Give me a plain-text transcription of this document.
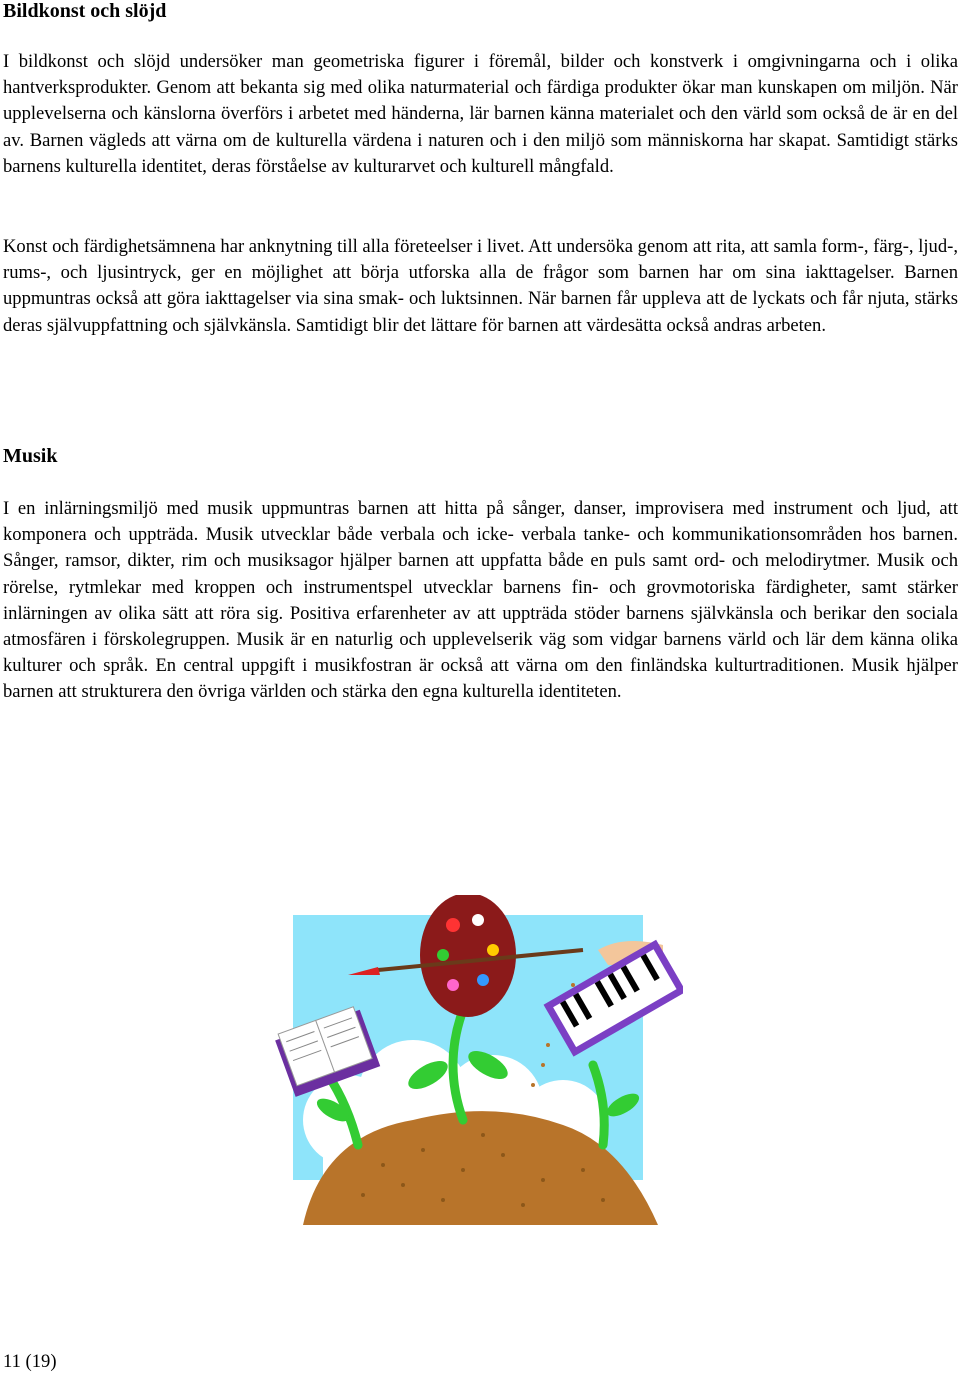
Bildkonst och slöjd

I bildkonst och slöjd undersöker man geometriska figurer i föremål, bilder och konstverk i omgivningarna och i olika hantverksprodukter. Genom att bekanta sig med olika naturmaterial och färdiga produkter ökar man kunskapen om miljön. När upplevelserna och känslorna överförs i arbetet med händerna, lär barnen känna materialet och den värld som också de är en del av. Barnen vägleds att värna om de kulturella värdena i naturen och i den miljö som människorna har skapat. Samtidigt stärks barnens kulturella identitet, deras förståelse av kulturarvet och kulturell mångfald.

Konst och färdighetsämnena har anknytning till alla företeelser i livet. Att undersöka genom att rita, att samla form-, färg-, ljud-, rums-, och ljusintryck, ger en möjlighet att börja utforska alla de frågor som barnen har om sina iakttagelser. Barnen uppmuntras också att göra iakttagelser via sina smak- och luktsinnen. När barnen får uppleva att de lyckats och får njuta, stärks deras självuppfattning och självkänsla. Samtidigt blir det lättare för barnen att värdesätta också andras arbeten.

Musik

I en inlärningsmiljö med musik uppmuntras barnen att hitta på sånger, danser, improvisera med instrument och ljud, att komponera och uppträda. Musik utvecklar både verbala och icke- verbala tanke- och kommunikationsområden hos barnen. Sånger, ramsor, dikter, rim och musiksagor hjälper barnen att uppfatta både en puls samt ord- och melodirytmer. Musik och rörelse, rytmlekar med kroppen och instrumentspel utvecklar barnens fin- och grovmotoriska färdigheter, samt stärker inlärningen av olika sätt att röra sig. Positiva erfarenheter av att uppträda stöder barnens självkänsla och berikar den sociala atmosfären i förskolegruppen. Musik är en naturlig och upplevelserik väg som vidgar barnens värld och lär dem känna olika kulturer och språk. En central uppgift i musikfostran är också att värna om den finländska kulturtraditionen. Musik hjälper barnen att strukturera den övriga världen och stärka den egna kulturella identiteten.

11 (19)
